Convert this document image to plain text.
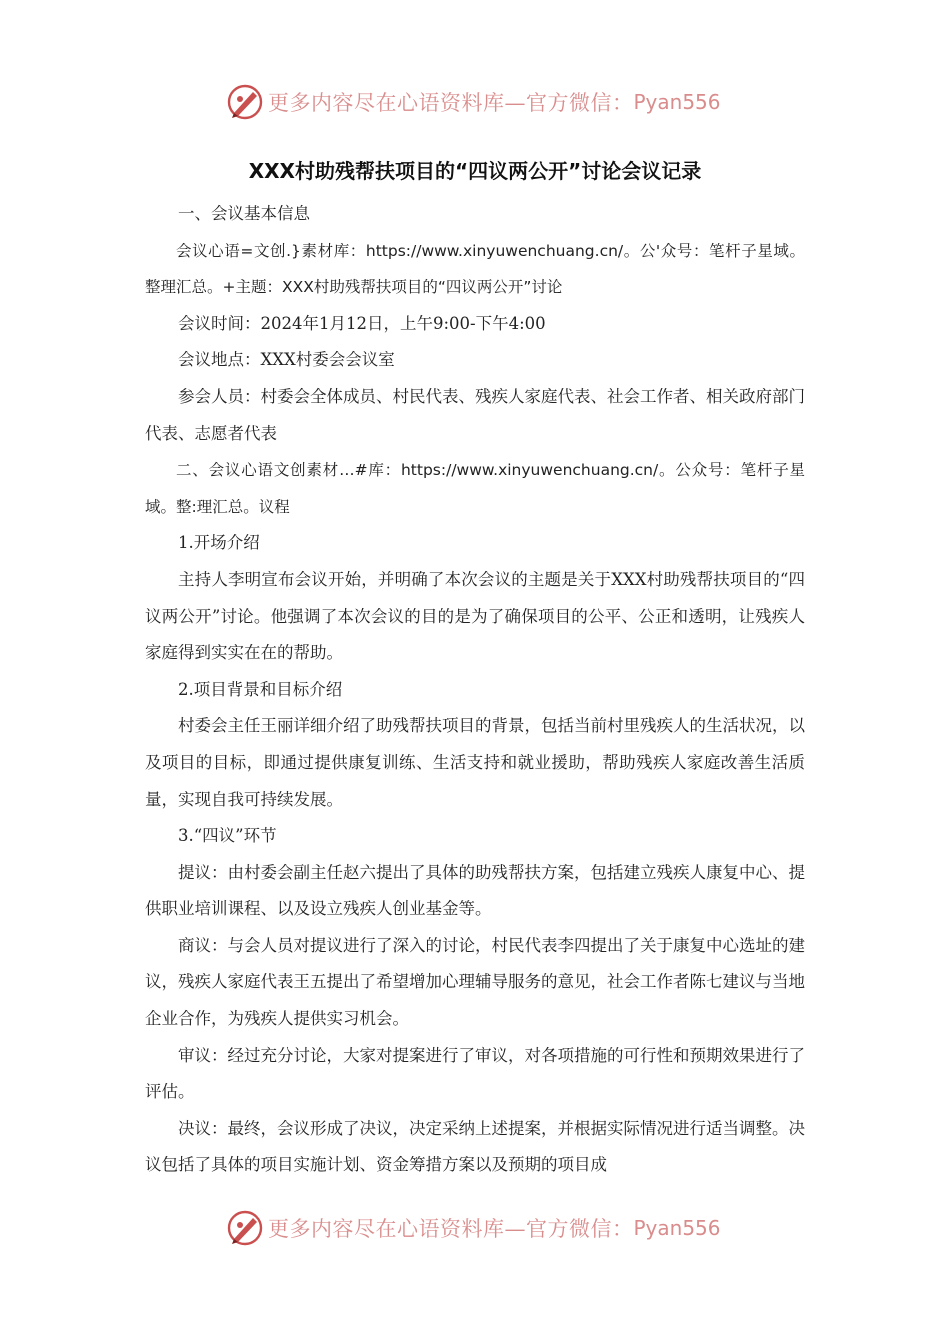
更多内容尽在心语资料库—官方微信： Pyan556
XXX村助残帮扶项目的“四议两公开”讨论会议记录

一、会议基本信息

会议心语=文创.}素材库：https://www.xinyuwenchuang.cn/。公'众号：笔杆子星域。整理汇总。+主题：XXX村助残帮扶项目的“四议两公开”讨论

会议时间：2024年1月12日，上午9:00-下午4:00

会议地点：XXX村委会会议室

参会人员：村委会全体成员、村民代表、残疾人家庭代表、社会工作者、相关政府部门代表、志愿者代表

二、会议心语文创素材…#库：https://www.xinyuwenchuang.cn/。公众号：笔杆子星域。整:理汇总。议程

1.开场介绍

主持人李明宣布会议开始，并明确了本次会议的主题是关于XXX村助残帮扶项目的“四议两公开”讨论。他强调了本次会议的目的是为了确保项目的公平、公正和透明，让残疾人家庭得到实实在在的帮助。

2.项目背景和目标介绍

村委会主任王丽详细介绍了助残帮扶项目的背景，包括当前村里残疾人的生活状况，以及项目的目标，即通过提供康复训练、生活支持和就业援助，帮助残疾人家庭改善生活质量，实现自我可持续发展。

3.“四议”环节

提议：由村委会副主任赵六提出了具体的助残帮扶方案，包括建立残疾人康复中心、提供职业培训课程、以及设立残疾人创业基金等。

商议：与会人员对提议进行了深入的讨论，村民代表李四提出了关于康复中心选址的建议，残疾人家庭代表王五提出了希望增加心理辅导服务的意见，社会工作者陈七建议与当地企业合作，为残疾人提供实习机会。

审议：经过充分讨论，大家对提案进行了审议，对各项措施的可行性和预期效果进行了评估。

决议：最终，会议形成了决议，决定采纳上述提案，并根据实际情况进行适当调整。决议包括了具体的项目实施计划、资金筹措方案以及预期的项目成

更多内容尽在心语资料库—官方微信： Pyan556
